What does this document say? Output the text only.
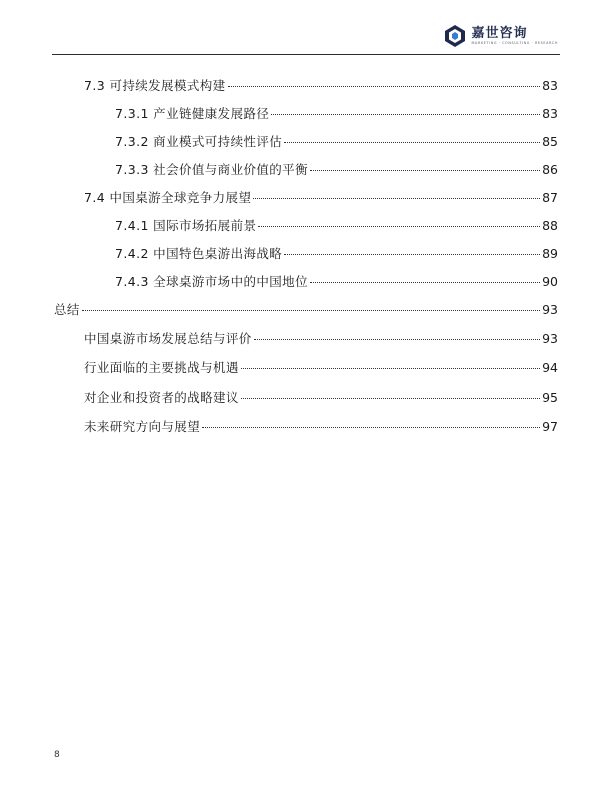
嘉世咨询
MARKETING · CONSULTING · RESEARCH
7.3 可持续发展模式构建	83
7.3.1 产业链健康发展路径	83
7.3.2 商业模式可持续性评估	85
7.3.3 社会价值与商业价值的平衡	86
7.4 中国桌游全球竞争力展望	87
7.4.1 国际市场拓展前景	88
7.4.2 中国特色桌游出海战略	89
7.4.3 全球桌游市场中的中国地位	90
总结	93
中国桌游市场发展总结与评价	93
行业面临的主要挑战与机遇	94
对企业和投资者的战略建议	95
未来研究方向与展望	97
8
